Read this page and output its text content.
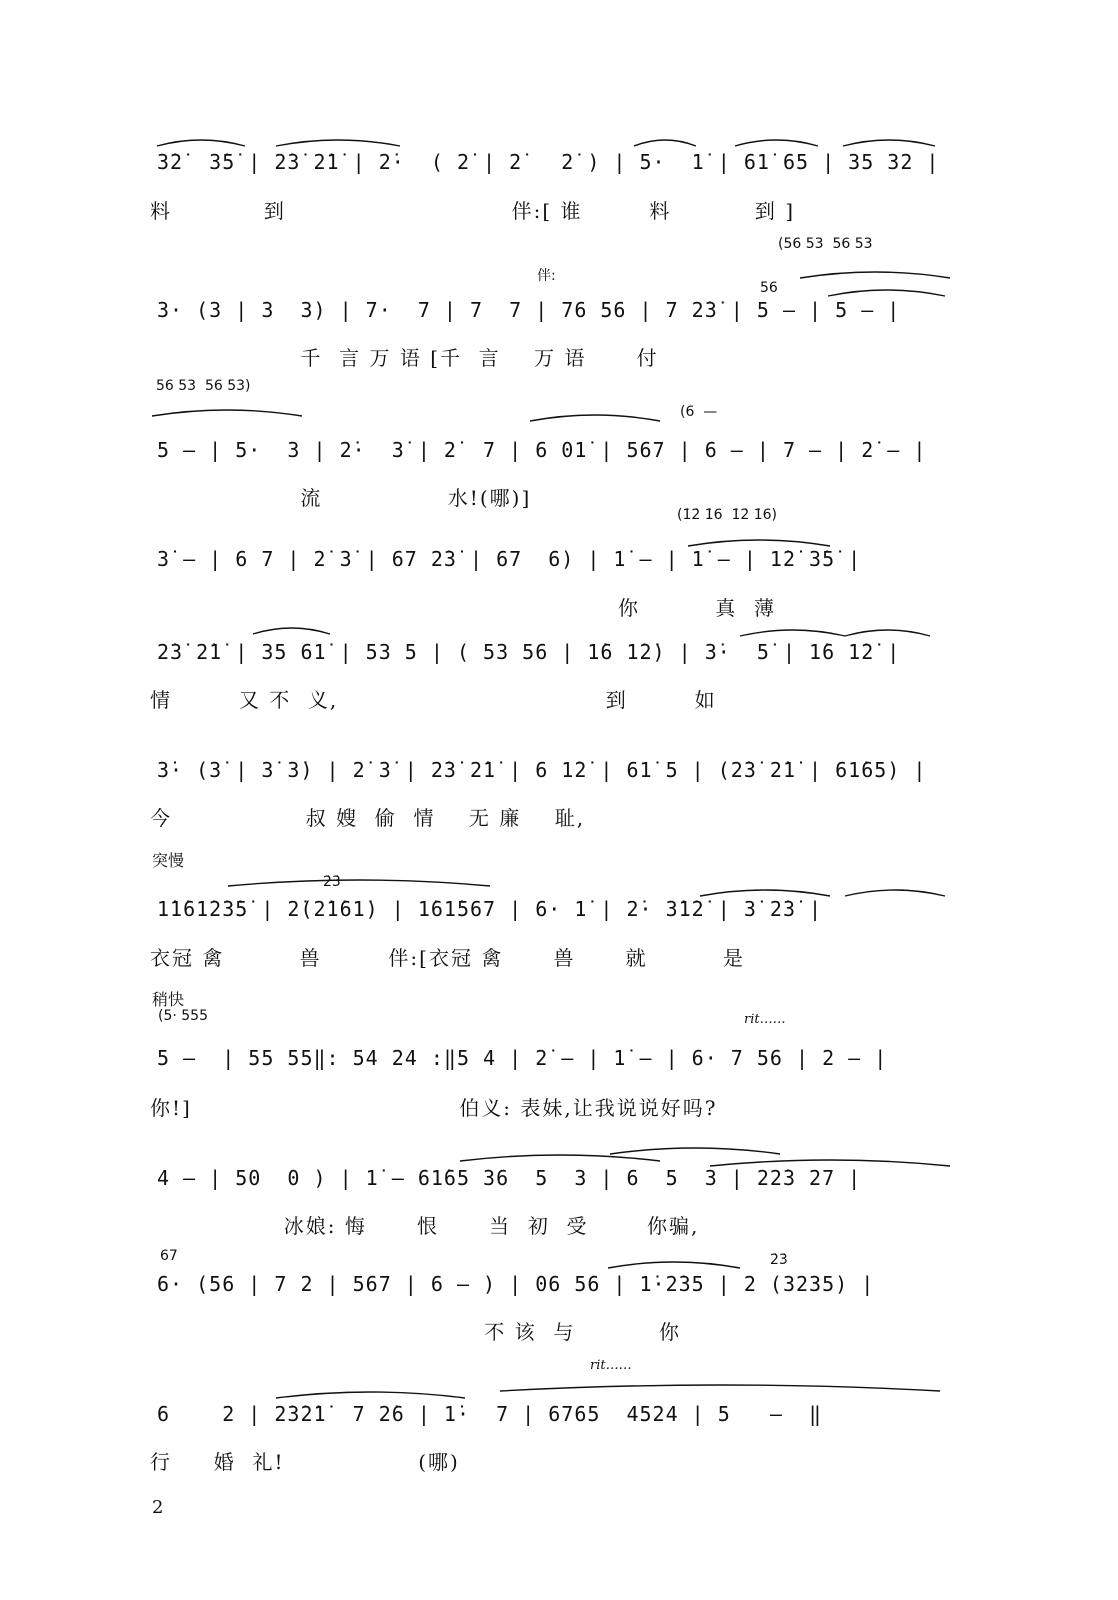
3̇2̇  3̇5̇ | 2̇3̇ 2̇1̇ | 2̇·  ( 2̇ | 2̇   2̇ ) | 5·  1̇ | 61̇ 65 | 35 32 |
料           到                           伴:[ 谁        料          到 ]
(56 53  56 53
伴:
56
3· (3 | 3  3) | 7·  7 | 7  7 | 76 56 | 7 2̇3̇ | 5 — | 5 — |
千  言 万 语 [千  言    万 语      付
56 53  56 53)
(6  —
5 — | 5·  3 | 2̇·  3̇ | 2̇  7 | 6 01̇ | 567 | 6 — | 7 — | 2̇ — |
流               水!(哪)]
(1̇2̇ 1̇6  1̇2̇ 1̇6)
3̇ — | 6 7 | 2̇ 3̇ | 67 2̇3̇ | 67  6) | 1̇ — | 1̇ — | 1̇2̇ 3̇5̇ |
你         真  薄
2̇3̇ 2̇1̇ | 35 61̇ | 53 5 | ( 53 56 | 1̇6 1̇2̇) | 3̇·  5̇ | 1̇6 1̇2̇ |
情        又 不  义,                                到        如
3̇· (3̇ | 3̇ 3̇) | 2̇ 3̇ | 2̇3̇ 2̇1̇ | 6 1̇2̇ | 61̇ 5 | (2̇3̇ 2̇1̇ | 61̇65) |
今                叔 嫂  偷  情    无 廉    耻,
突慢
2̇3̇
1̇1̇61̇2̇3̇5̇ | 2̇(2̇1̇61̇) | 1̇61̇567 | 6· 1̇ | 2̇· 3̇1̇2̇ | 3̇ 2̇3̇ |
衣冠 禽         兽        伴:[衣冠 禽      兽      就         是
稍快
(5· 555	rit……
5 —  | 55 55‖: 54 24 :‖5 4 | 2̇ — | 1̇ — | 6· 7 56 | 2 — |
你!]                                伯义: 表妹,让我说说好吗?
4 — | 50  0 ) | 1̇ — 61̇65 36  5  3 | 6  5  3 | 22̇3 27 |
冰娘: 悔      恨      当  初  受       你骗,
67	2̇3̇
6· (56 | 7 2 | 567 | 6 — ) | 06 56 | 1̇·2̇35 | 2 (3235) |
不 该  与          你
rit……
6    2 | 2̇3̇2̇1̇  7 2̇6 | 1̇·  7 | 6765  4524 | 5   —  ‖
行     婚  礼!                (哪)
2
